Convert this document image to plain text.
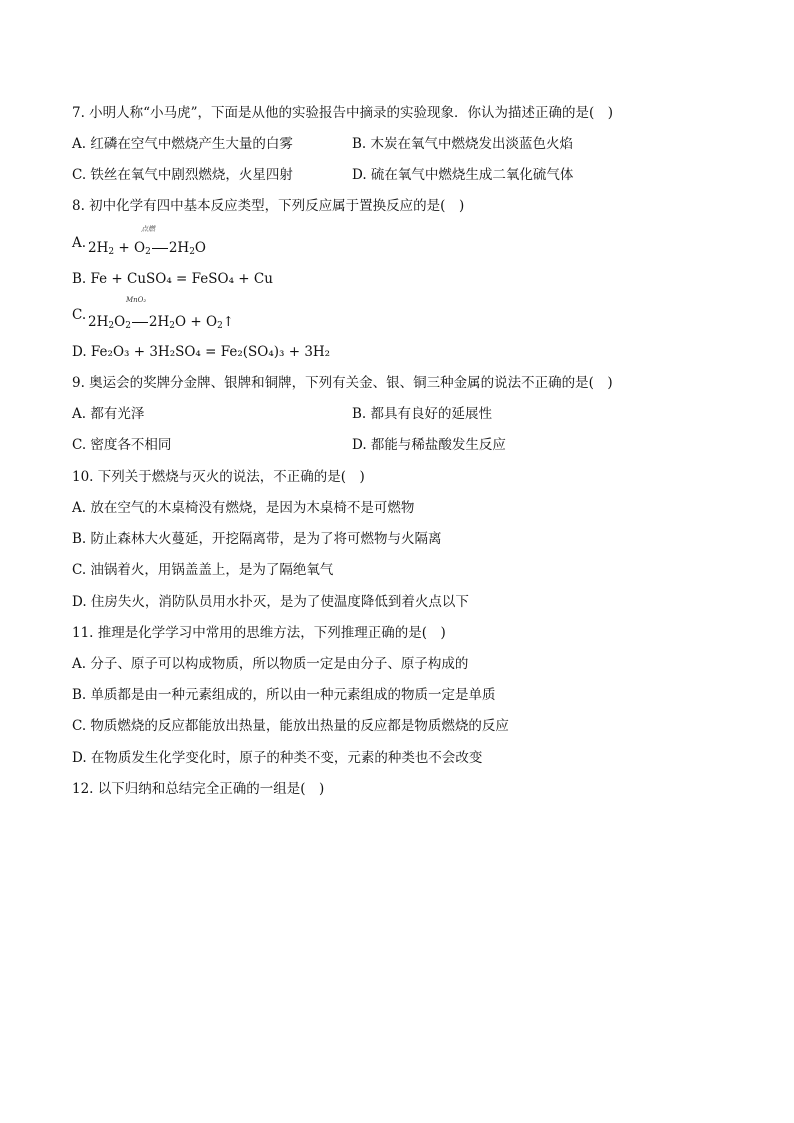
7. 小明人称“小马虎”，下面是从他的实验报告中摘录的实验现象．你认为描述正确的是(　)
A. 红磷在空气中燃烧产生大量的白雾	B. 木炭在氧气中燃烧发出淡蓝色火焰
C. 铁丝在氧气中剧烈燃烧，火星四射	D. 硫在氧气中燃烧生成二氧化硫气体
8. 初中化学有四中基本反应类型，下列反应属于置换反应的是(　)
A.
点燃
$2H_2 + O_2$ $2H_2O$
B. Fe + CuSO₄ = FeSO₄ + Cu
C.
MnO₂
$2H_2O_2$ $2H_2O$ + $O_2↑$
D. Fe₂O₃ + 3H₂SO₄ = Fe₂(SO₄)₃ + 3H₂
9. 奥运会的奖牌分金牌、银牌和铜牌，下列有关金、银、铜三种金属的说法不正确的是(　)
A. 都有光泽	B. 都具有良好的延展性
C. 密度各不相同	D. 都能与稀盐酸发生反应
10. 下列关于燃烧与灭火的说法，不正确的是(　)
A. 放在空气的木桌椅没有燃烧，是因为木桌椅不是可燃物
B. 防止森林大火蔓延，开挖隔离带，是为了将可燃物与火隔离
C. 油锅着火，用锅盖盖上，是为了隔绝氧气
D. 住房失火，消防队员用水扑灭，是为了使温度降低到着火点以下
11. 推理是化学学习中常用的思维方法，下列推理正确的是(　)
A. 分子、原子可以构成物质，所以物质一定是由分子、原子构成的
B. 单质都是由一种元素组成的，所以由一种元素组成的物质一定是单质
C. 物质燃烧的反应都能放出热量，能放出热量的反应都是物质燃烧的反应
D. 在物质发生化学变化时，原子的种类不变，元素的种类也不会改变
12. 以下归纳和总结完全正确的一组是(　)
